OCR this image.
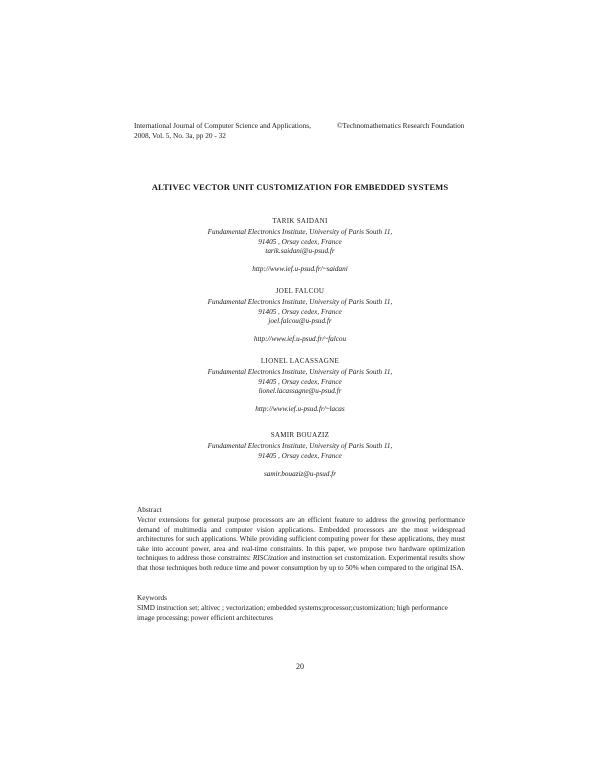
International Journal of Computer Science and Applications,
2008, Vol. 5, No. 3a, pp 20 - 32
©Technomathematics Research Foundation
ALTIVEC VECTOR UNIT CUSTOMIZATION FOR EMBEDDED SYSTEMS
TARIK SAIDANI
Fundamental Electronics Institute, University of Paris South 11,
91405 , Orsay cedex, France
tarik.saidani@u-psud.fr
http://www.ief.u-psud.fr/~saidani
JOEL FALCOU
Fundamental Electronics Institute, University of Paris South 11,
91405 , Orsay cedex, France
joel.falcou@u-psud.fr
http://www.ief.u-psud.fr/~falcou
LIONEL LACASSAGNE
Fundamental Electronics Institute, University of Paris South 11,
91405 , Orsay cedex, France
lionel.lacassagne@u-psud.fr
http://www.ief.u-psud.fr/~lacas
SAMIR BOUAZIZ
Fundamental Electronics Institute, University of Paris South 11,
91405 , Orsay cedex, France
samir.bouaziz@u-psud.fr
Abstract
Vector extensions for general purpose processors are an efficient feature to address the growing performance demand of multimedia and computer vision applications. Embedded processors are the most widespread architectures for such applications. While providing sufficient computing power for these applications, they must take into account power, area and real-time constraints. In this paper, we propose two hardware optimization techniques to address those constraints: RISCization and instruction set customization. Experimental results show that those techniques both reduce time and power consumption by up to 50% when compared to the original ISA.
Keywords
SIMD instruction set; altivec ; vectorization; embedded systems;processor;customization; high performance image processing; power efficient architectures
20
